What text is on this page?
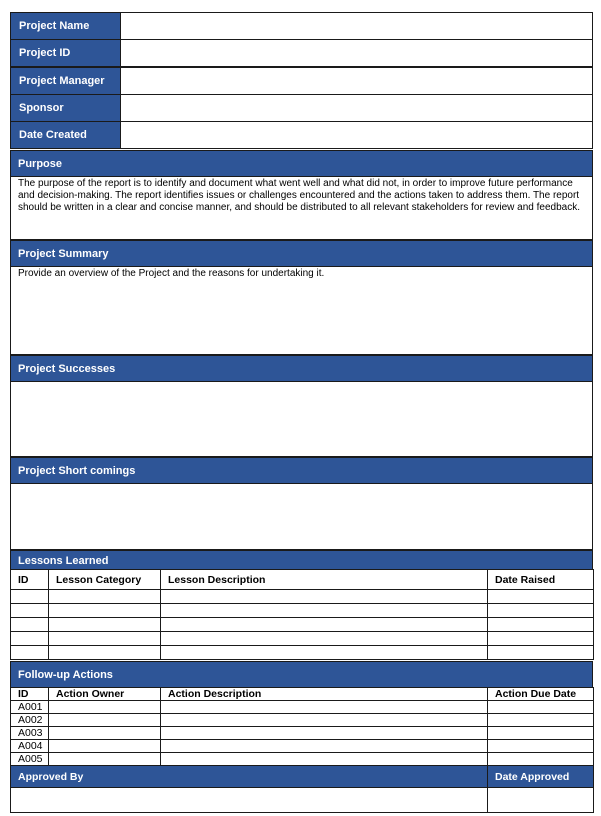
Project Name
Project ID
Project Manager
Sponsor
Date Created
Purpose
The purpose of the report is to identify and document what went well and what did not, in order to improve future performance and decision-making. The report identifies issues or challenges encountered and the actions taken to address them. The report should be written in a clear and concise manner, and should be distributed to all relevant stakeholders for review and feedback.
Project Summary
Provide an overview of the Project and the reasons for undertaking it.
Project Successes
Project Short comings
Lessons Learned
ID	Lesson Category	Lesson Description	Date Raised

Follow-up Actions
ID	Action Owner	Action Description	Action Due Date
A001			
A002			
A003			
A004			
A005			
Approved By	Date Approved
